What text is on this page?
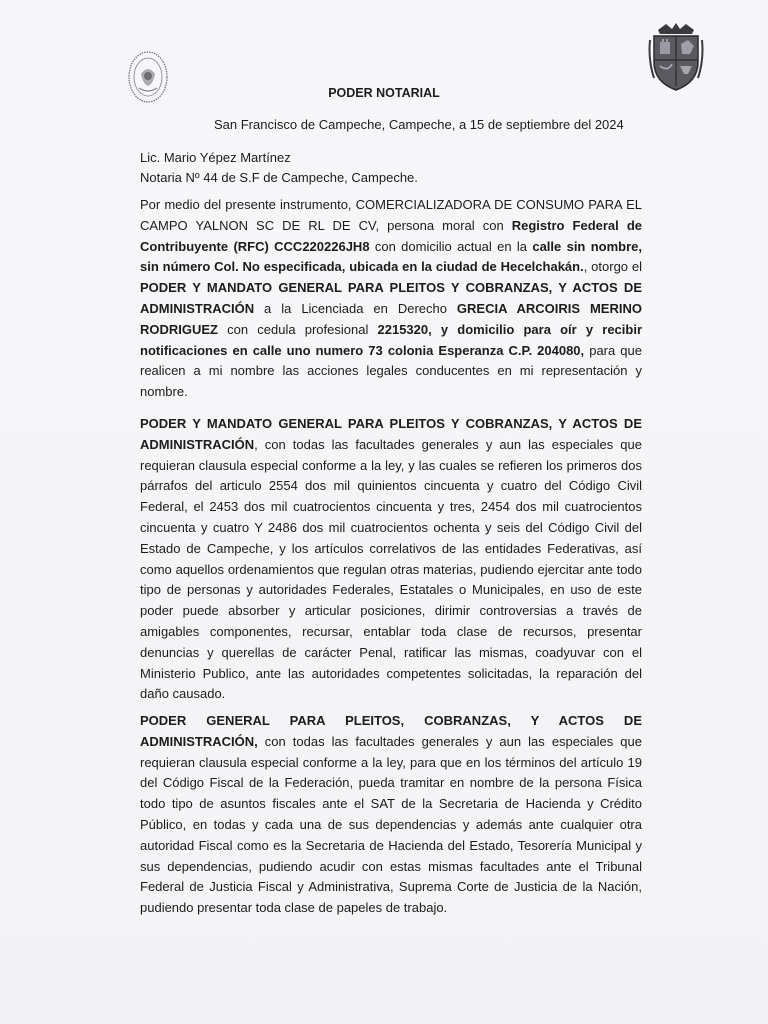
PODER NOTARIAL
San Francisco de Campeche, Campeche, a 15 de septiembre del 2024
Lic. Mario Yépez Martínez
Notaria Nº 44 de S.F de Campeche, Campeche.
Por medio del presente instrumento, COMERCIALIZADORA DE CONSUMO PARA EL CAMPO YALNON SC DE RL DE CV, persona moral con Registro Federal de Contribuyente (RFC) CCC220226JH8 con domicilio actual en la calle sin nombre, sin número Col. No especificada, ubicada en la ciudad de Hecelchakán., otorgo el PODER Y MANDATO GENERAL PARA PLEITOS Y COBRANZAS, Y ACTOS DE ADMINISTRACIÓN a la Licenciada en Derecho GRECIA ARCOIRIS MERINO RODRIGUEZ con cedula profesional 2215320, y domicilio para oír y recibir notificaciones en calle uno numero 73 colonia Esperanza C.P. 204080, para que realicen a mi nombre las acciones legales conducentes en mi representación y nombre.
PODER Y MANDATO GENERAL PARA PLEITOS Y COBRANZAS, Y ACTOS DE ADMINISTRACIÓN, con todas las facultades generales y aun las especiales que requieran clausula especial conforme a la ley, y las cuales se refieren los primeros dos párrafos del articulo 2554 dos mil quinientos cincuenta y cuatro del Código Civil Federal, el 2453 dos mil cuatrocientos cincuenta y tres, 2454 dos mil cuatrocientos cincuenta y cuatro Y 2486 dos mil cuatrocientos ochenta y seis del Código Civil del Estado de Campeche, y los artículos correlativos de las entidades Federativas, así como aquellos ordenamientos que regulan otras materias, pudiendo ejercitar ante todo tipo de personas y autoridades Federales, Estatales o Municipales, en uso de este poder puede absorber y articular posiciones, dirimir controversias a través de amigables componentes, recursar, entablar toda clase de recursos, presentar denuncias y querellas de carácter Penal, ratificar las mismas, coadyuvar con el Ministerio Publico, ante las autoridades competentes solicitadas, la reparación del daño causado.
PODER GENERAL PARA PLEITOS, COBRANZAS, Y ACTOS DE ADMINISTRACIÓN, con todas las facultades generales y aun las especiales que requieran clausula especial conforme a la ley, para que en los términos del artículo 19 del Código Fiscal de la Federación, pueda tramitar en nombre de la persona Física todo tipo de asuntos fiscales ante el SAT de la Secretaria de Hacienda y Crédito Público, en todas y cada una de sus dependencias y además ante cualquier otra autoridad Fiscal como es la Secretaria de Hacienda del Estado, Tesorería Municipal y sus dependencias, pudiendo acudir con estas mismas facultades ante el Tribunal Federal de Justicia Fiscal y Administrativa, Suprema Corte de Justicia de la Nación, pudiendo presentar toda clase de papeles de trabajo.
